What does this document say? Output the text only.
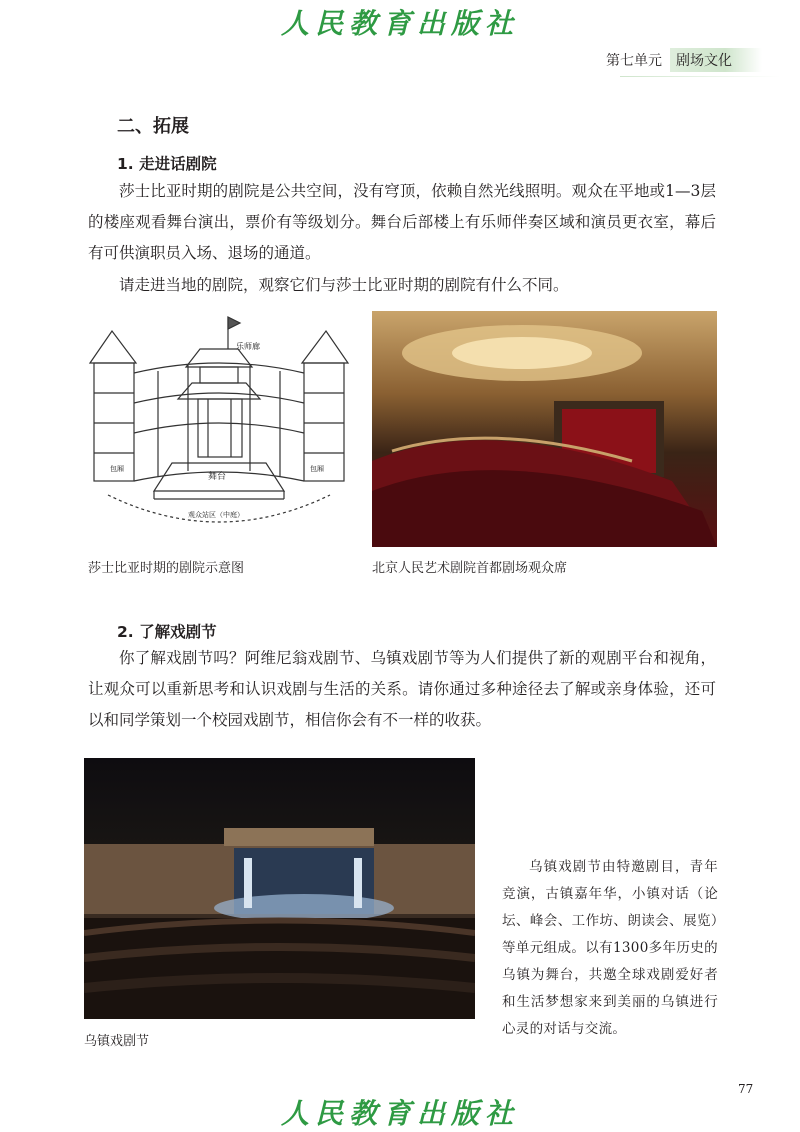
人民教育出版社
第七单元	剧场文化
二、拓展
1. 走进话剧院
莎士比亚时期的剧院是公共空间，没有穹顶，依赖自然光线照明。观众在平地或1—3层的楼座观看舞台演出，票价有等级划分。舞台后部楼上有乐师伴奏区域和演员更衣室，幕后有可供演职员入场、退场的通道。
请走进当地的剧院，观察它们与莎士比亚时期的剧院有什么不同。
乐师廊
舞台
观众站区（中庭）
包厢	包厢
莎士比亚时期的剧院示意图	北京人民艺术剧院首都剧场观众席
2. 了解戏剧节
你了解戏剧节吗？阿维尼翁戏剧节、乌镇戏剧节等为人们提供了新的观剧平台和视角，让观众可以重新思考和认识戏剧与生活的关系。请你通过多种途径去了解或亲身体验，还可以和同学策划一个校园戏剧节，相信你会有不一样的收获。
乌镇戏剧节
乌镇戏剧节由特邀剧目，青年竞演，古镇嘉年华，小镇对话（论坛、峰会、工作坊、朗读会、展览）等单元组成。以有1300多年历史的乌镇为舞台，共邀全球戏剧爱好者和生活梦想家来到美丽的乌镇进行心灵的对话与交流。
77
人民教育出版社
